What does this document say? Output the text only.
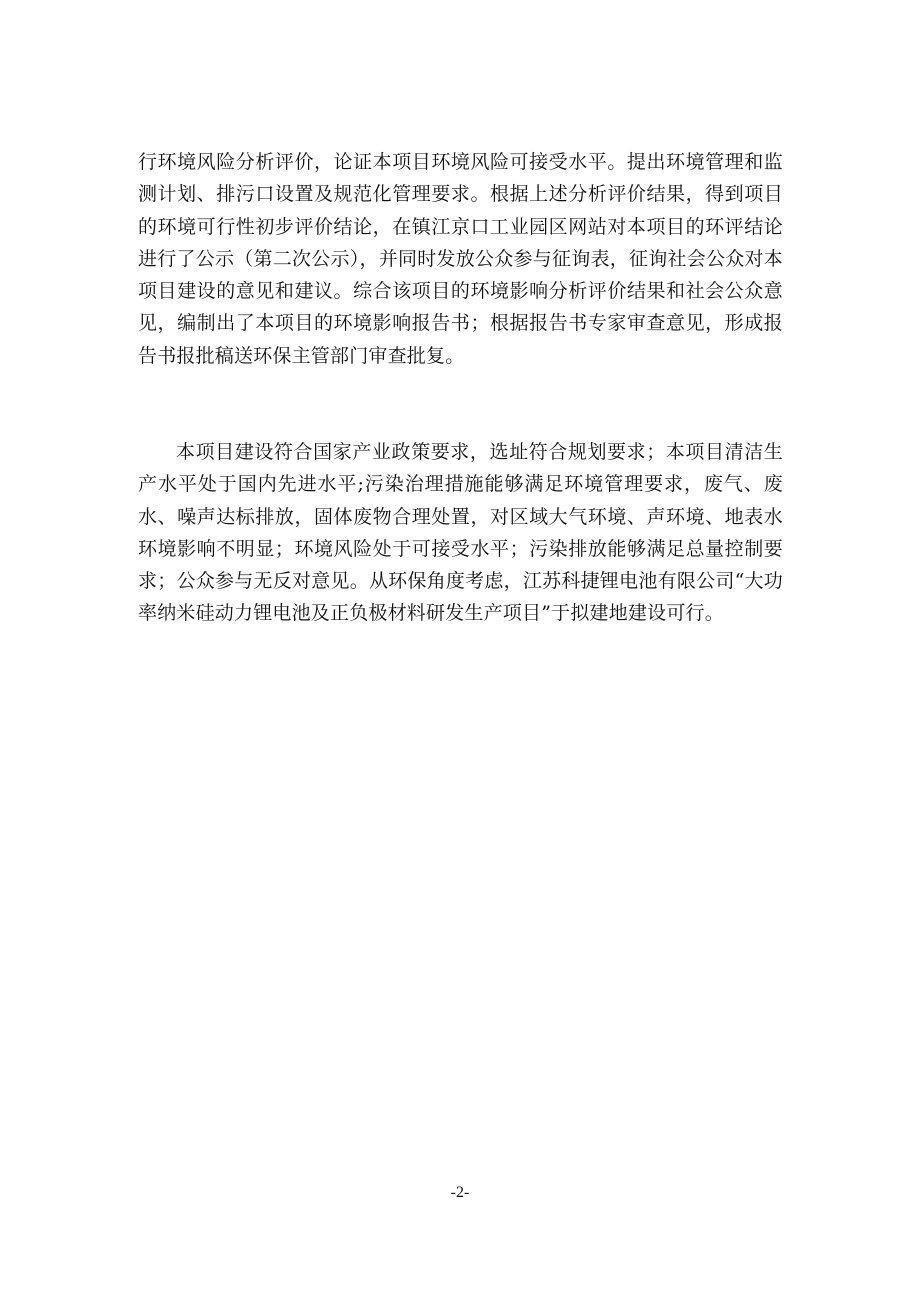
行环境风险分析评价，论证本项目环境风险可接受水平。提出环境管理和监测计划、排污口设置及规范化管理要求。根据上述分析评价结果，得到项目的环境可行性初步评价结论，在镇江京口工业园区网站对本项目的环评结论进行了公示（第二次公示），并同时发放公众参与征询表，征询社会公众对本项目建设的意见和建议。综合该项目的环境影响分析评价结果和社会公众意见，编制出了本项目的环境影响报告书；根据报告书专家审查意见，形成报告书报批稿送环保主管部门审查批复。

本项目建设符合国家产业政策要求，选址符合规划要求；本项目清洁生产水平处于国内先进水平;污染治理措施能够满足环境管理要求，废气、废水、噪声达标排放，固体废物合理处置，对区域大气环境、声环境、地表水环境影响不明显；环境风险处于可接受水平；污染排放能够满足总量控制要求；公众参与无反对意见。从环保角度考虑，江苏科捷锂电池有限公司“大功率纳米硅动力锂电池及正负极材料研发生产项目”于拟建地建设可行。

-2-
